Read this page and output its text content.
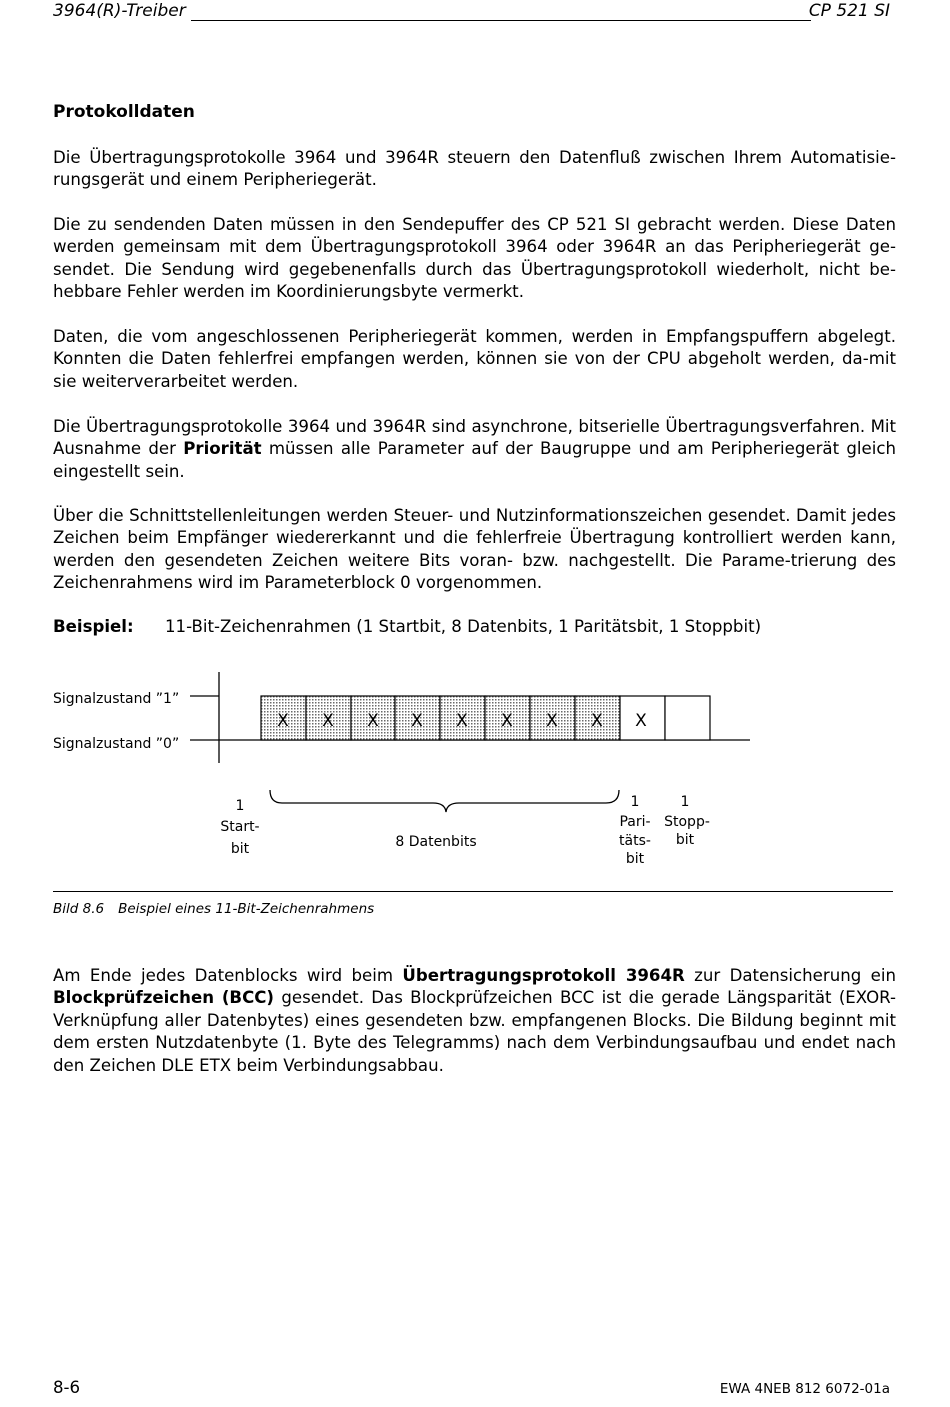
3964(R)-Treiber	CP 521 SI
Protokolldaten
Die Übertragungsprotokolle 3964 und 3964R steuern den Datenfluß zwischen Ihrem Automatisie-rungsgerät und einem Peripheriegerät.
Die zu sendenden Daten müssen in den Sendepuffer des CP 521 SI gebracht werden. Diese Daten werden gemeinsam mit dem Übertragungsprotokoll 3964 oder 3964R an das Peripheriegerät ge-sendet. Die Sendung wird gegebenenfalls durch das Übertragungsprotokoll wiederholt, nicht be-hebbare Fehler werden im Koordinierungsbyte vermerkt.
Daten, die vom angeschlossenen Peripheriegerät kommen, werden in Empfangspuffern abgelegt. Konnten die Daten fehlerfrei empfangen werden, können sie von der CPU abgeholt werden, da-mit sie weiterverarbeitet werden.
Die Übertragungsprotokolle 3964 und 3964R sind asynchrone, bitserielle Übertragungsverfahren. Mit Ausnahme der Priorität müssen alle Parameter auf der Baugruppe und am Peripheriegerät gleich eingestellt sein.
Über die Schnittstellenleitungen werden Steuer- und Nutzinformationszeichen gesendet. Damit jedes Zeichen beim Empfänger wiedererkannt und die fehlerfreie Übertragung kontrolliert werden kann, werden den gesendeten Zeichen weitere Bits voran- bzw. nachgestellt. Die Parame-trierung des Zeichenrahmens wird im Parameterblock 0 vorgenommen.
Beispiel: 11-Bit-Zeichenrahmen (1 Startbit, 8 Datenbits, 1 Paritätsbit, 1 Stoppbit)
Signalzustand ”1”
Signalzustand ”0”
X X X X X X X X X
1
Start-
bit	8 Datenbits
1
Pari-
täts-
bit
1
Stopp-
bit
Bild 8.6 Beispiel eines 11-Bit-Zeichenrahmens
Am Ende jedes Datenblocks wird beim Übertragungsprotokoll 3964R zur Datensicherung ein Blockprüfzeichen (BCC) gesendet. Das Blockprüfzeichen BCC ist die gerade Längsparität (EXOR-Verknüpfung aller Datenbytes) eines gesendeten bzw. empfangenen Blocks. Die Bildung beginnt mit dem ersten Nutzdatenbyte (1. Byte des Telegramms) nach dem Verbindungsaufbau und endet nach den Zeichen DLE ETX beim Verbindungsabbau.
8-6	EWA 4NEB 812 6072-01a
